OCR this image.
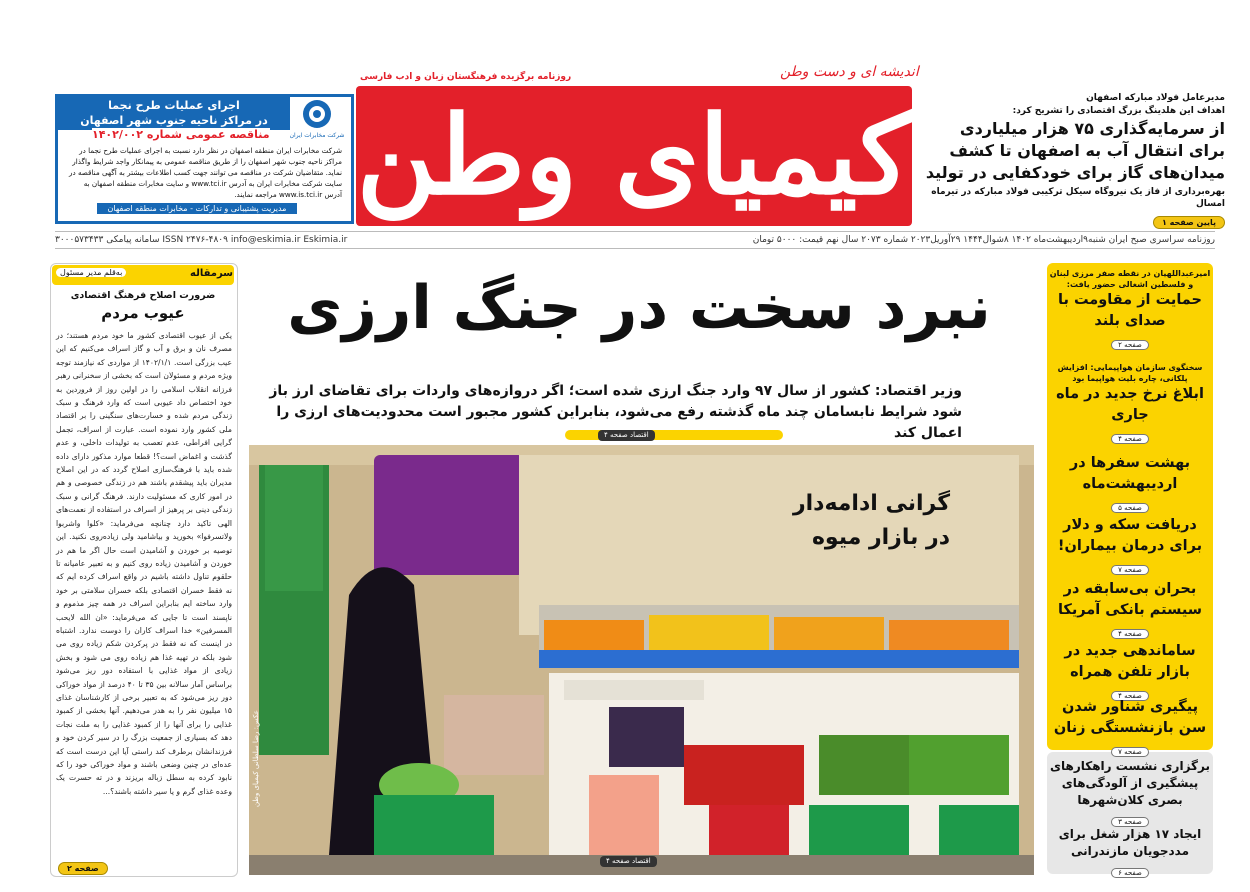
کیمیای وطن
اندیشه ای و دست وطن
روزنامه برگزیده فرهنگستان زبان و ادب فارسی
مدیرعامل فولاد مبارکه اصفهان
اهداف این هلدینگ بزرگ اقتصادی را تشریح کرد:
از سرمایه‌گذاری ۷۵ هزار میلیاردی
برای انتقال آب به اصفهان تا کشف
میدان‌های گاز برای خودکفایی در تولید
بهره‌برداری از فاز یک نیروگاه سیکل ترکیبی فولاد مبارکه در تیرماه امسال
پایین صفحه ۱
اجرای عملیات طرح نجما
در مراکز ناحیه جنوب شهر اصفهان
مناقصه عمومی شماره ۱۴۰۲/۰۰۲	شرکت مخابرات ایران
شرکت مخابرات ایران منطقه اصفهان در نظر دارد نسبت به اجرای عملیات طرح نجما در مراکز ناحیه جنوب شهر اصفهان را از طریق مناقصه عمومی به پیمانکار واجد شرایط واگذار نماید. متقاضیان شرکت در مناقصه می توانند جهت کسب اطلاعات بیشتر به آگهی مناقصه در سایت شرکت مخابرات ایران به آدرس www.tci.ir و سایت مخابرات منطقه اصفهان به آدرس www.is.tci.ir مراجعه نمایند.
مدیریت پشتیبانی و تدارکات - مخابرات منطقه اصفهان
روزنامه سراسری صبح ایران شنبه۹اردیبهشت‌ماه ۱۴۰۲ ۸شوال۱۴۴۴ ۲۹آوریل۲۰۲۳ شماره ۲۰۷۳ سال نهم قیمت: ۵۰۰۰ تومان
ISSN ۲۴۷۶-۴۸۰۹ info@eskimia.ir Eskimia.ir سامانه پیامکی ۳۰۰۰۵۷۳۴۳۳
سرمقاله
به‌قلم مدیر مسئول
ضرورت اصلاح فرهنگ اقتصادی
عیوب مردم
یکی از عیوب اقتصادی کشور ما خود مردم هستند؛ در مصرف نان و برق و آب و گاز اسراف می‌کنیم که این عیب بزرگی است. ۱۴۰۲/۱/۱ از مواردی که نیازمند توجه ویژه مردم و مسئولان است که بخشی از سخنرانی رهبر فرزانه انقلاب اسلامی را در اولین روز از فروردین به خود اختصاص داد عیوبی است که وارد فرهنگ و سبک زندگی مردم شده و خسارت‌های سنگینی را بر اقتصاد ملی کشور وارد نموده است. عبارت از اسراف، تجمل گرایی افراطی، عدم تعصب به تولیدات داخلی، و عدم گذشت و اغماض است؟! قطعا موارد مذکور دارای داده شده باید با فرهنگ‌سازی اصلاح گردد که در این اصلاح مدیران باید پیشقدم باشند هم در زندگی خصوصی و هم در امور کاری که مسئولیت دارند. فرهنگ گرانی و سبک زندگی دینی بر پرهیز از اسراف در استفاده از نعمت‌های الهی تاکید دارد چنانچه می‌فرماید: «کلوا واشربوا ولاتسرفوا» بخورید و بیاشامید ولی زیاده‌روی نکنید. این توصیه بر خوردن و آشامیدن است حال اگر ما هم در خوردن و آشامیدن زیاده روی کنیم و به تعبیر عامیانه تا حلقوم تناول داشته باشیم در واقع اسراف کرده ایم که نه فقط خسران اقتصادی بلکه خسران سلامتی بر خود وارد ساخته ایم بنابراین اسراف در همه چیز مذموم و ناپسند است تا جایی که می‌فرماید: «ان الله لایحب المسرفین» خدا اسراف کاران را دوست ندارد. اشتباه در اینست که نه فقط در پرکردن شکم زیاده روی می شود بلکه در تهیه غذا هم زیاده روی می شود و بخش زیادی از مواد غذایی با استفاده دور ریز می‌شود براساس آمار سالانه بین ۳۵ تا ۴۰ درصد از مواد خوراکی دور ریز می‌شود که به تعبیر برخی از کارشناسان غذای ۱۵ میلیون نفر را به هدر می‌دهیم. آنها بخشی از کمبود غذایی را برای آنها را از کمبود غذایی را به ملت نجات دهد که بسیاری از جمعیت بزرگ را در سیر کردن خود و فرزندانشان برطرف کند راستی آیا این درست است که عده‌ای در چنین وضعی باشند و مواد خوراکی خود را که نابود کرده به سطل زباله بریزند و در ته حسرت یک وعده غذای گرم و یا سیر داشته باشند؟...
صفحه ۲
نبرد سخت در جنگ ارزی
وزیر اقتصاد: کشور از سال ۹۷ وارد جنگ ارزی شده است؛ اگر دروازه‌های واردات برای تقاضای ارز باز شود شرایط نابسامان چند ماه گذشته رفع می‌شود، بنابراین کشور مجبور است محدودیت‌های ارزی را اعمال کند
اقتصاد صفحه ۴
گرانی ادامه‌دار
در بازار میوه
عکس: رضا سلطانی کیمیای وطن
اقتصاد صفحه ۴
امیرعبداللهیان در نقطه صفر مرزی لبنان و فلسطین اشغالی حضور یافت:
حمایت از مقاومت با صدای بلند
صفحه ۲
سخنگوی سازمان هواپیمایی: افزایش پلکانی، چاره بلیت هواپیما بود
ابلاغ نرخ جدید در ماه جاری
صفحه ۴
بهشت سفرها در اردیبهشت‌ماه
صفحه ۵
دریافت سکه و دلار برای درمان بیماران!
صفحه ۷
بحران بی‌سابقه در سیستم بانکی آمریکا
صفحه ۴
ساماندهی جدید در بازار تلفن همراه
صفحه ۴
پیگیری شناور شدن سن بازنشستگی زنان
صفحه ۷
برگزاری نشست راهکارهای پیشگیری از آلودگی‌های بصری کلان‌شهرها
صفحه ۳
ایجاد ۱۷ هزار شغل برای مددجویان مازندرانی
صفحه ۶
